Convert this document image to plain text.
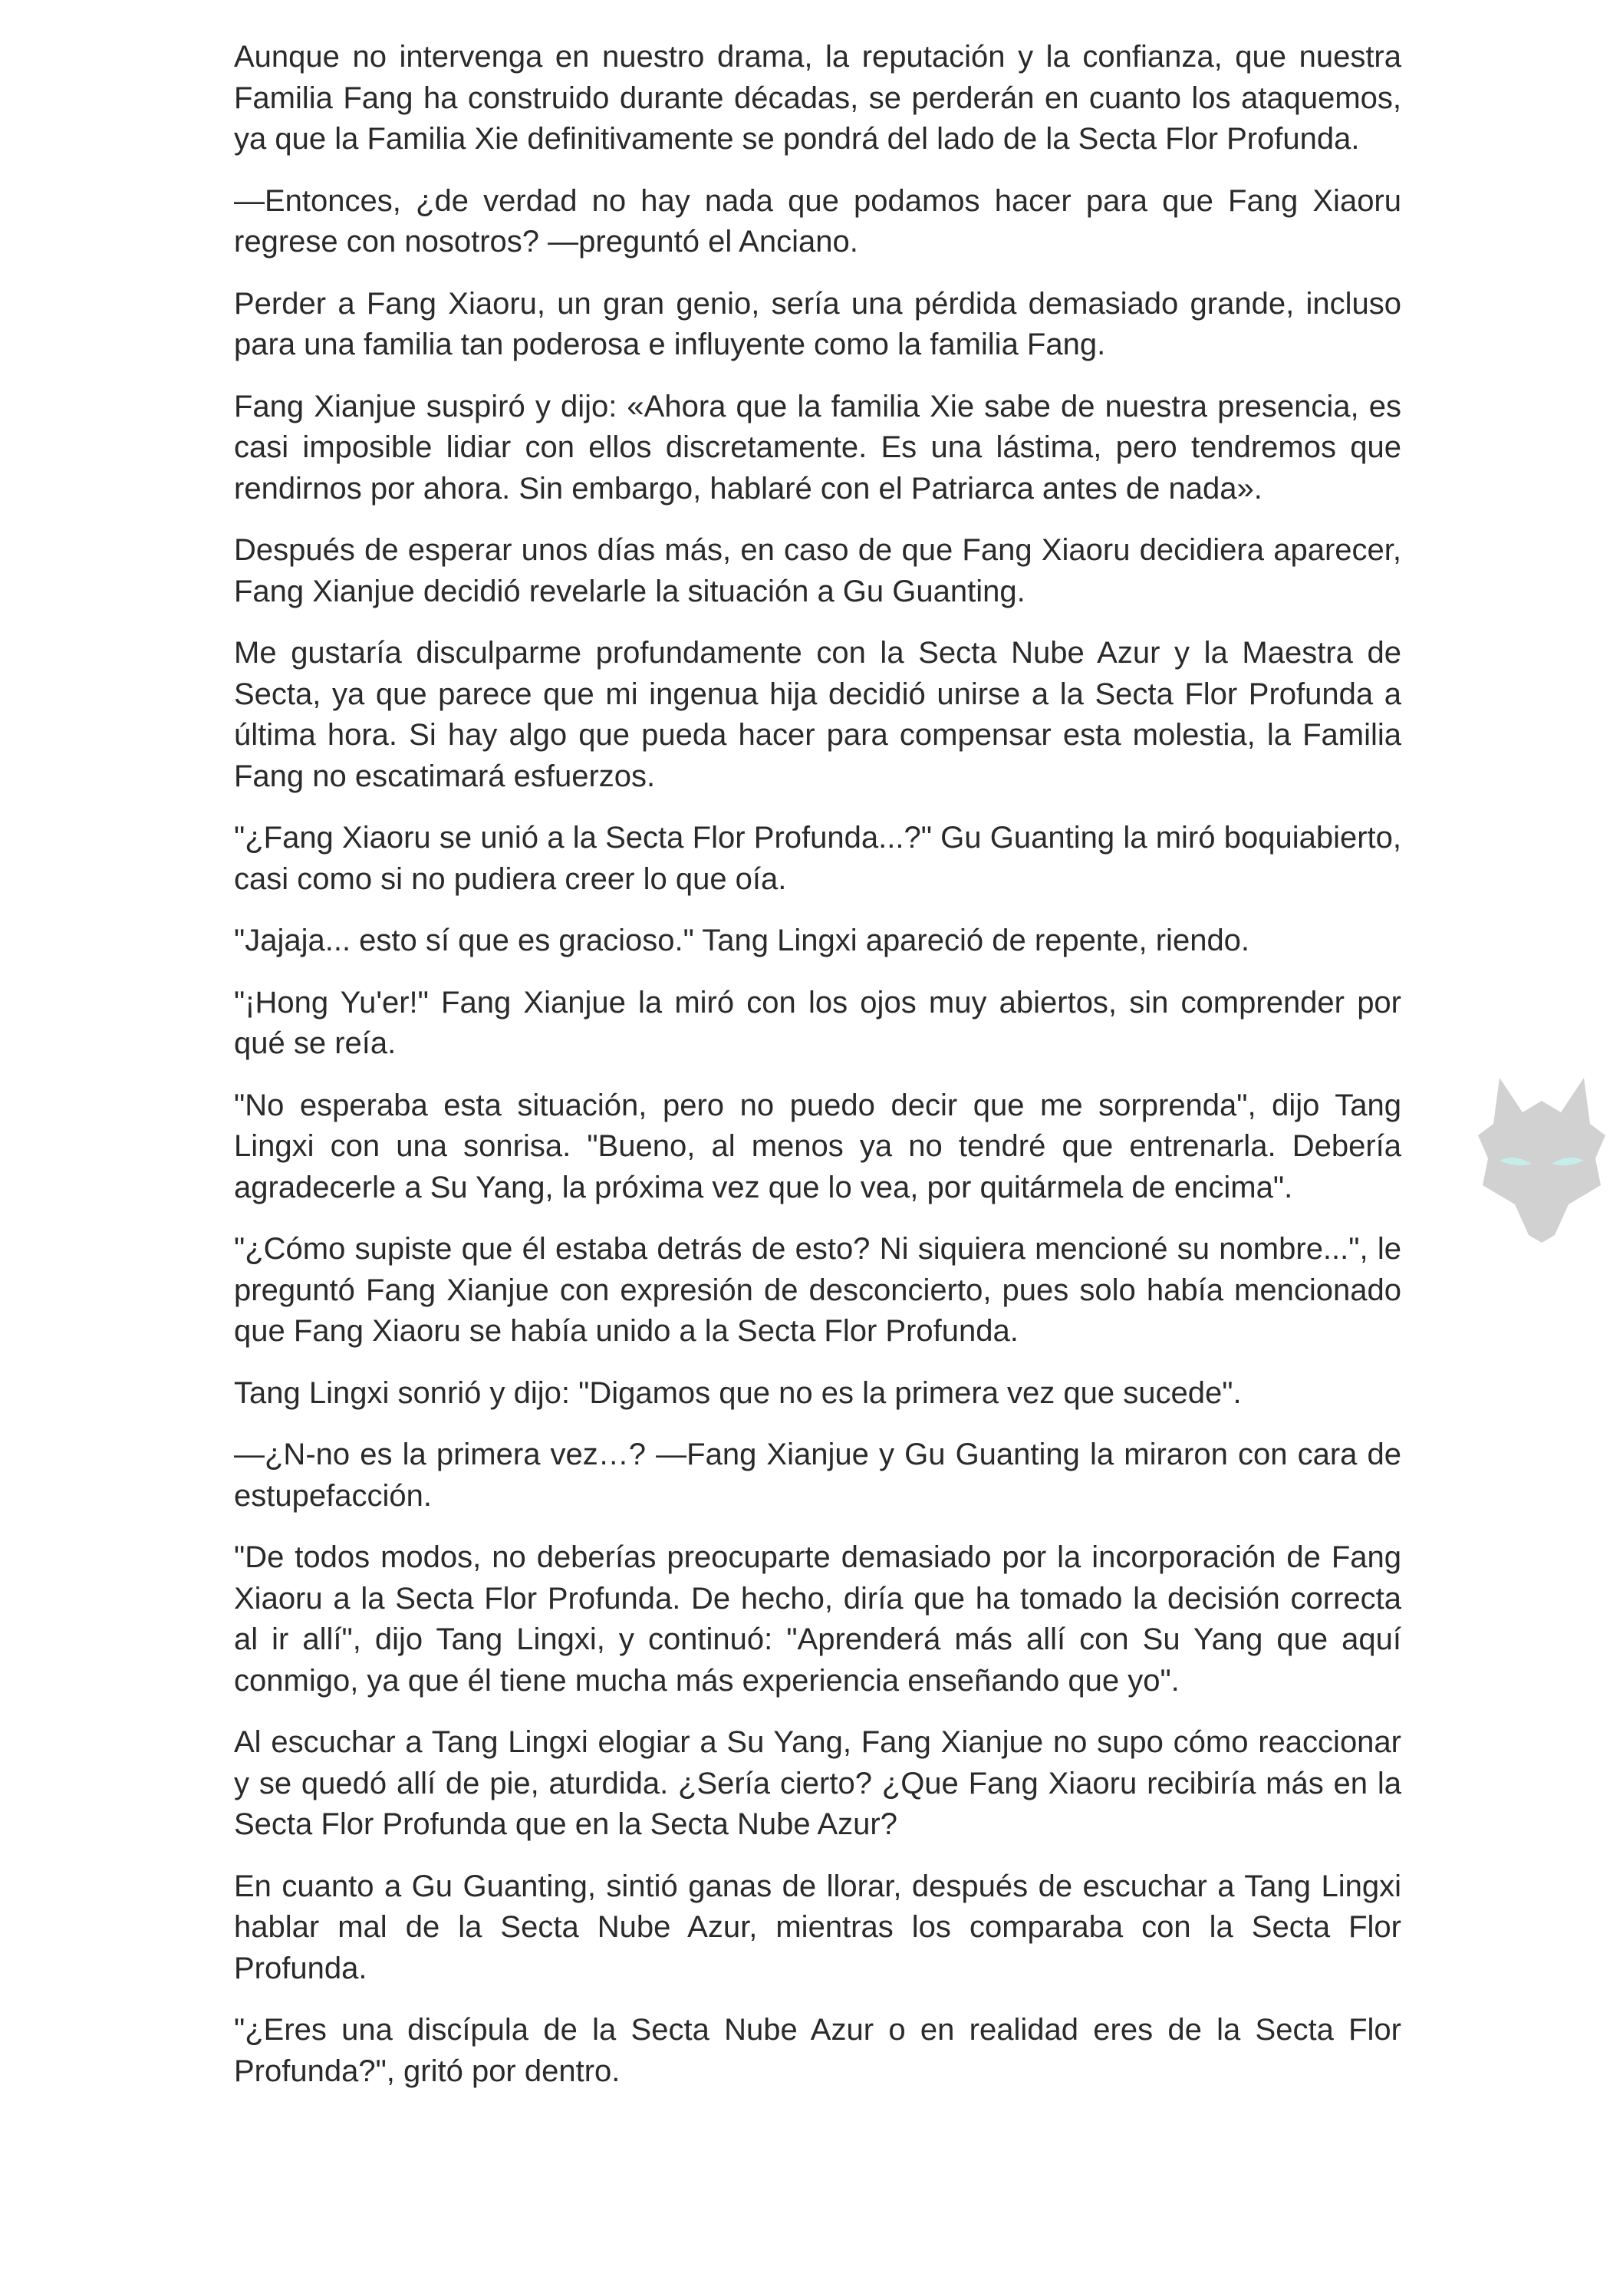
Aunque no intervenga en nuestro drama, la reputación y la confianza, que nuestra Familia Fang ha construido durante décadas, se perderán en cuanto los ataquemos, ya que la Familia Xie definitivamente se pondrá del lado de la Secta Flor Profunda.

—Entonces, ¿de verdad no hay nada que podamos hacer para que Fang Xiaoru regrese con nosotros? —preguntó el Anciano.

Perder a Fang Xiaoru, un gran genio, sería una pérdida demasiado grande, incluso para una familia tan poderosa e influyente como la familia Fang.

Fang Xianjue suspiró y dijo: «Ahora que la familia Xie sabe de nuestra presencia, es casi imposible lidiar con ellos discretamente. Es una lástima, pero tendremos que rendirnos por ahora. Sin embargo, hablaré con el Patriarca antes de nada».

Después de esperar unos días más, en caso de que Fang Xiaoru decidiera aparecer, Fang Xianjue decidió revelarle la situación a Gu Guanting.

Me gustaría disculparme profundamente con la Secta Nube Azur y la Maestra de Secta, ya que parece que mi ingenua hija decidió unirse a la Secta Flor Profunda a última hora. Si hay algo que pueda hacer para compensar esta molestia, la Familia Fang no escatimará esfuerzos.

"¿Fang Xiaoru se unió a la Secta Flor Profunda...?" Gu Guanting la miró boquiabierto, casi como si no pudiera creer lo que oía.

"Jajaja... esto sí que es gracioso." Tang Lingxi apareció de repente, riendo.

"¡Hong Yu'er!" Fang Xianjue la miró con los ojos muy abiertos, sin comprender por qué se reía.

"No esperaba esta situación, pero no puedo decir que me sorprenda", dijo Tang Lingxi con una sonrisa. "Bueno, al menos ya no tendré que entrenarla. Debería agradecerle a Su Yang, la próxima vez que lo vea, por quitármela de encima".

"¿Cómo supiste que él estaba detrás de esto? Ni siquiera mencioné su nombre...", le preguntó Fang Xianjue con expresión de desconcierto, pues solo había mencionado que Fang Xiaoru se había unido a la Secta Flor Profunda.

Tang Lingxi sonrió y dijo: "Digamos que no es la primera vez que sucede".

—¿N-no es la primera vez…? —Fang Xianjue y Gu Guanting la miraron con cara de estupefacción.

"De todos modos, no deberías preocuparte demasiado por la incorporación de Fang Xiaoru a la Secta Flor Profunda. De hecho, diría que ha tomado la decisión correcta al ir allí", dijo Tang Lingxi, y continuó: "Aprenderá más allí con Su Yang que aquí conmigo, ya que él tiene mucha más experiencia enseñando que yo".

Al escuchar a Tang Lingxi elogiar a Su Yang, Fang Xianjue no supo cómo reaccionar y se quedó allí de pie, aturdida. ¿Sería cierto? ¿Que Fang Xiaoru recibiría más en la Secta Flor Profunda que en la Secta Nube Azur?

En cuanto a Gu Guanting, sintió ganas de llorar, después de escuchar a Tang Lingxi hablar mal de la Secta Nube Azur, mientras los comparaba con la Secta Flor Profunda.

"¿Eres una discípula de la Secta Nube Azur o en realidad eres de la Secta Flor Profunda?", gritó por dentro.
